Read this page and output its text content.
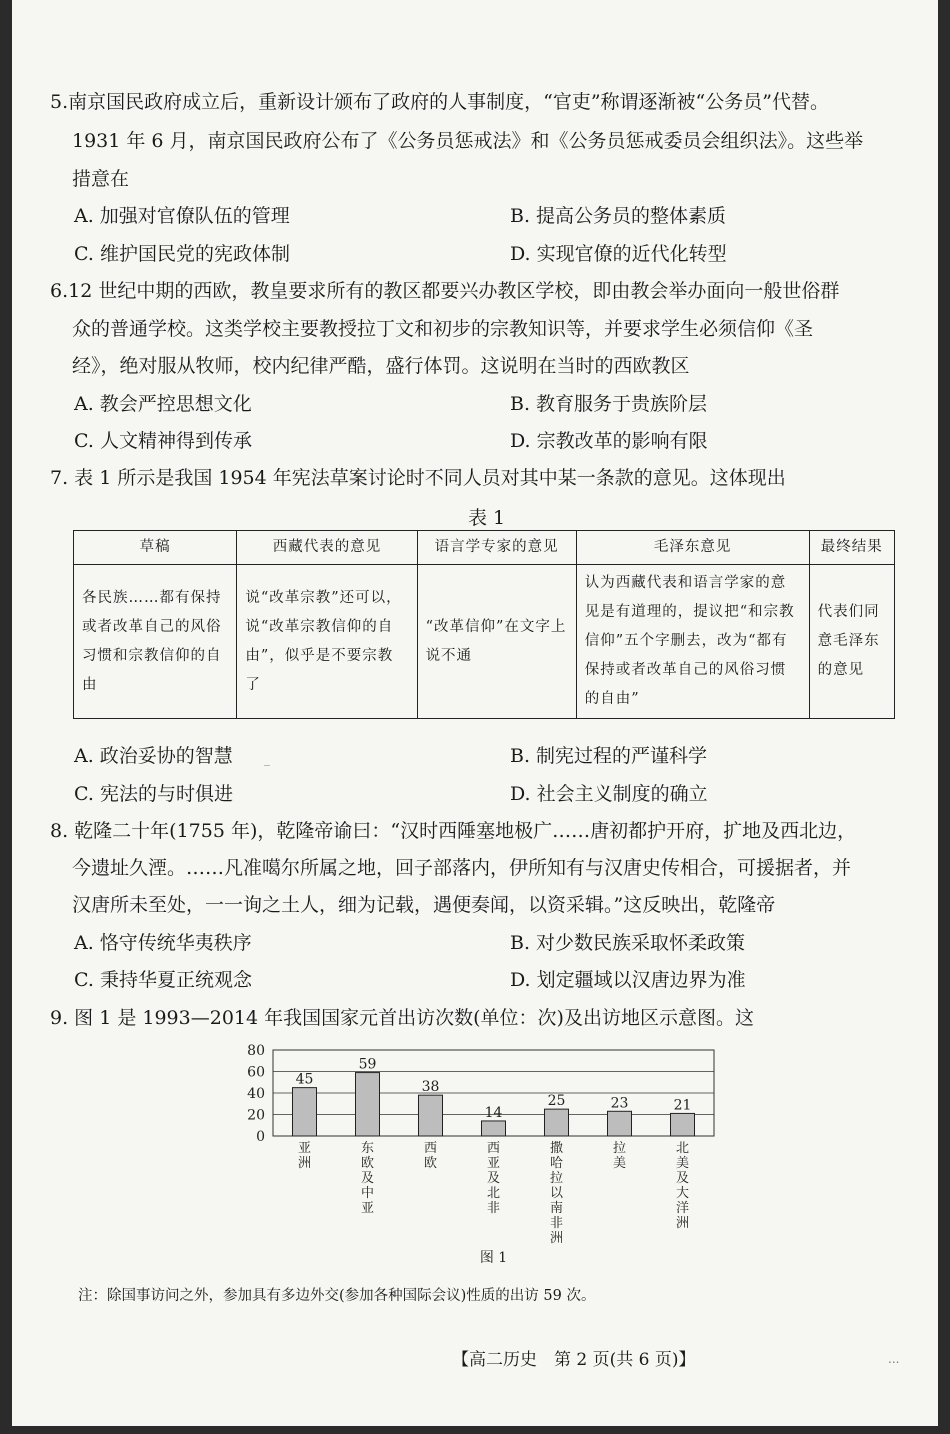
5.南京国民政府成立后，重新设计颁布了政府的人事制度，“官吏”称谓逐渐被“公务员”代替。
1931 年 6 月，南京国民政府公布了《公务员惩戒法》和《公务员惩戒委员会组织法》。这些举
措意在
A. 加强对官僚队伍的管理	B. 提高公务员的整体素质
C. 维护国民党的宪政体制	D. 实现官僚的近代化转型
6.12 世纪中期的西欧，教皇要求所有的教区都要兴办教区学校，即由教会举办面向一般世俗群
众的普通学校。这类学校主要教授拉丁文和初步的宗教知识等，并要求学生必须信仰《圣
经》，绝对服从牧师，校内纪律严酷，盛行体罚。这说明在当时的西欧教区
A. 教会严控思想文化	B. 教育服务于贵族阶层
C. 人文精神得到传承	D. 宗教改革的影响有限
7. 表 1 所示是我国 1954 年宪法草案讨论时不同人员对其中某一条款的意见。这体现出
表 1
草稿	西藏代表的意见	语言学专家的意见	毛泽东意见	最终结果
各民族……都有保持或者改革自己的风俗习惯和宗教信仰的自由	说“改革宗教”还可以，说“改革宗教信仰的自由”，似乎是不要宗教了	“改革信仰”在文字上说不通	认为西藏代表和语言学家的意见是有道理的，提议把“和宗教信仰”五个字删去，改为“都有保持或者改革自己的风俗习惯的自由”	代表们同意毛泽东的意见
A. 政治妥协的智慧	B. 制宪过程的严谨科学
C. 宪法的与时俱进	D. 社会主义制度的确立
_
8. 乾隆二十年(1755 年)，乾隆帝谕曰：“汉时西陲塞地极广……唐初都护开府，扩地及西北边，
今遗址久湮。……凡准噶尔所属之地，回子部落内，伊所知有与汉唐史传相合，可援据者，并
汉唐所未至处，一一询之土人，细为记载，遇便奏闻，以资采辑。”这反映出，乾隆帝
A. 恪守传统华夷秩序	B. 对少数民族采取怀柔政策
C. 秉持华夏正统观念	D. 划定疆域以汉唐边界为准
9. 图 1 是 1993—2014 年我国国家元首出访次数(单位：次)及出访地区示意图。这
80
60
40
20
0
45
亚洲
59
东欧及中亚
38
西欧
14
西亚及北非
25
撒哈拉以南非洲
23
拉美
21
北美及大洋洲
图 1
注：除国事访问之外，参加具有多边外交(参加各种国际会议)性质的出访 59 次。
【高二历史　第 2 页(共 6 页)】	...
